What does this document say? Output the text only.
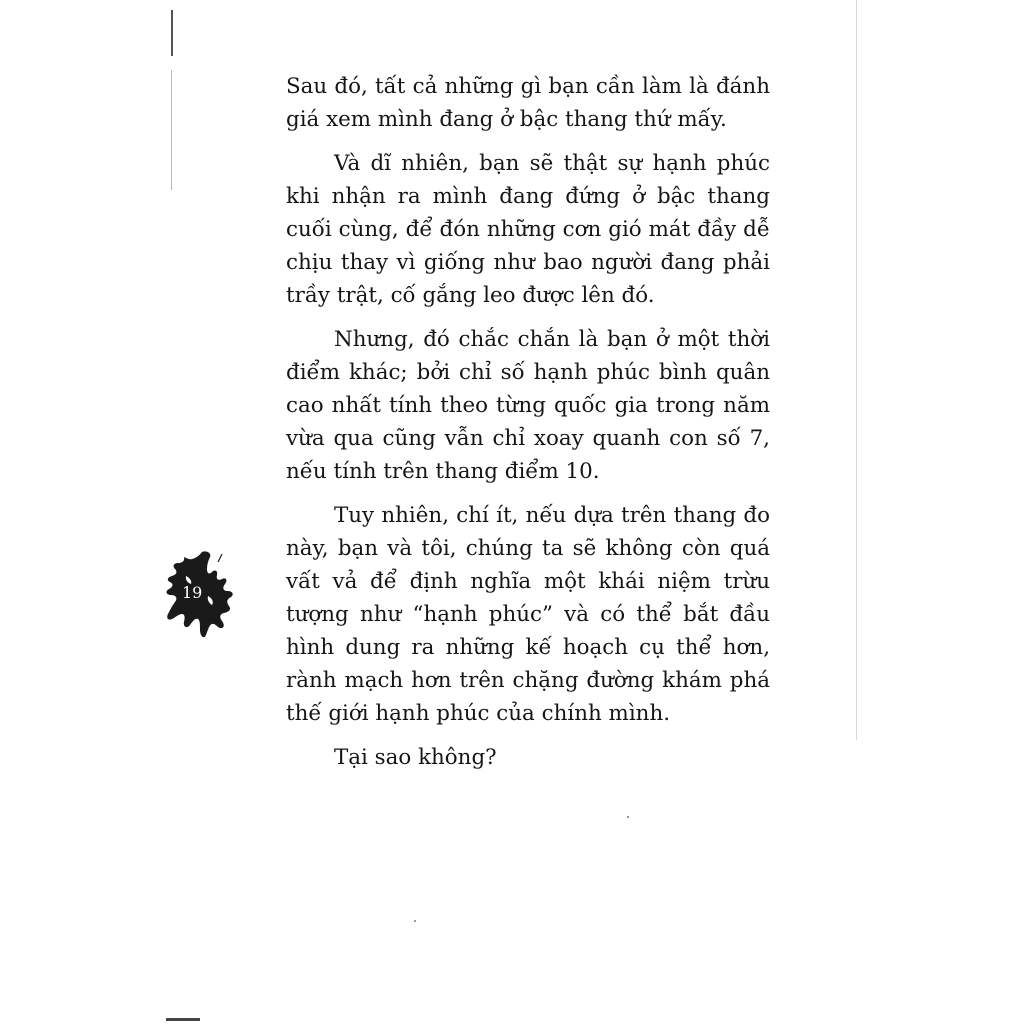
Sau đó, tất cả những gì bạn cần làm là đánh giá xem mình đang ở bậc thang thứ mấy.

Và dĩ nhiên, bạn sẽ thật sự hạnh phúc khi nhận ra mình đang đứng ở bậc thang cuối cùng, để đón những cơn gió mát đầy dễ chịu thay vì giống như bao người đang phải trầy trật, cố gắng leo được lên đó.

Nhưng, đó chắc chắn là bạn ở một thời điểm khác; bởi chỉ số hạnh phúc bình quân cao nhất tính theo từng quốc gia trong năm vừa qua cũng vẫn chỉ xoay quanh con số 7, nếu tính trên thang điểm 10.

Tuy nhiên, chí ít, nếu dựa trên thang đo này, bạn và tôi, chúng ta sẽ không còn quá vất vả để định nghĩa một khái niệm trừu tượng như “hạnh phúc” và có thể bắt đầu hình dung ra những kế hoạch cụ thể hơn, rành mạch hơn trên chặng đường khám phá thế giới hạnh phúc của chính mình.

Tại sao không?

19
